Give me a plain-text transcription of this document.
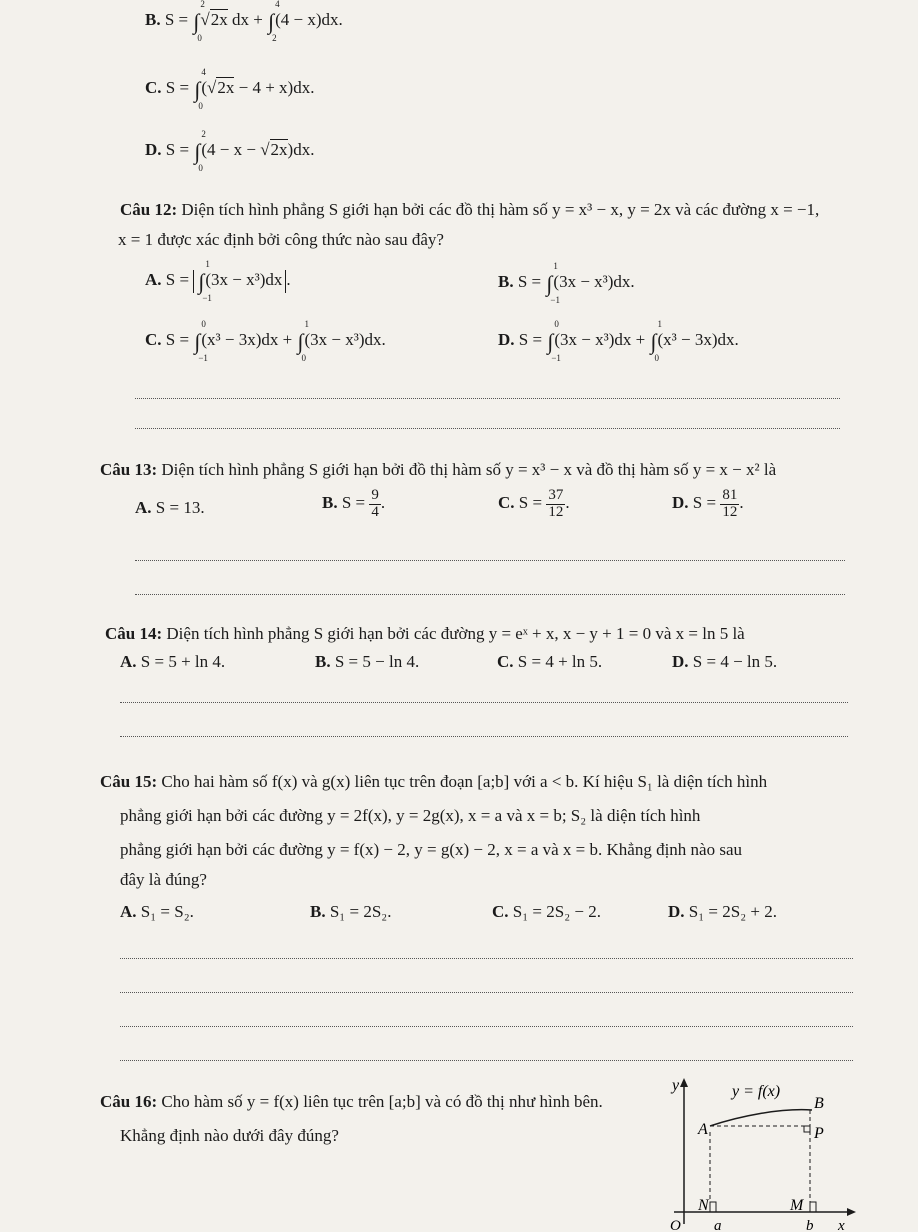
B. S = ∫
2
0
√2x dx + ∫
4
2
(4 − x)dx.
C. S = ∫
4
0
(√2x − 4 + x)dx.
D. S = ∫
2
0
(4 − x − √2x)dx.
Câu 12: Diện tích hình phẳng S giới hạn bởi các đồ thị hàm số y = x³ − x, y = 2x và các đường x = −1,
x = 1 được xác định bởi công thức nào sau đây?
A. S = ∫
1
−1
(3x − x³)dx .	B. S = ∫
1
−1
(3x − x³)dx.
C. S = ∫
0
−1
(x³ − 3x)dx + ∫
1
0
(3x − x³)dx.	D. S = ∫
0
−1
(3x − x³)dx + ∫
1
0
(x³ − 3x)dx.
Câu 13: Diện tích hình phẳng S giới hạn bởi đồ thị hàm số y = x³ − x và đồ thị hàm số y = x − x² là
A. S = 13.	B. $S = \frac{9}{4}$ .	C. $S = \frac{37}{12}$ .	D. $S = \frac{81}{12}$ .
Câu 14: Diện tích hình phẳng S giới hạn bởi các đường y = eˣ + x, x − y + 1 = 0 và x = ln 5 là
A. S = 5 + ln 4.	B. S = 5 − ln 4.	C. S = 4 + ln 5.	D. S = 4 − ln 5.
Câu 15: Cho hai hàm số f(x) và g(x) liên tục trên đoạn [a;b] với a < b. Kí hiệu S₁ là diện tích hình
phẳng giới hạn bởi các đường y = 2f(x), y = 2g(x), x = a và x = b; S₂ là diện tích hình
phẳng giới hạn bởi các đường y = f(x) − 2, y = g(x) − 2, x = a và x = b. Khẳng định nào sau
đây là đúng?
A. S₁ = S₂.	B. S₁ = 2S₂.	C. S₁ = 2S₂ − 2.	D. S₁ = 2S₂ + 2.
Câu 16: Cho hàm số y = f(x) liên tục trên [a;b] và có đồ thị như hình bên.
Khẳng định nào dưới đây đúng?
y	y = f(x)
B
A	P
N	M
O a	b x
